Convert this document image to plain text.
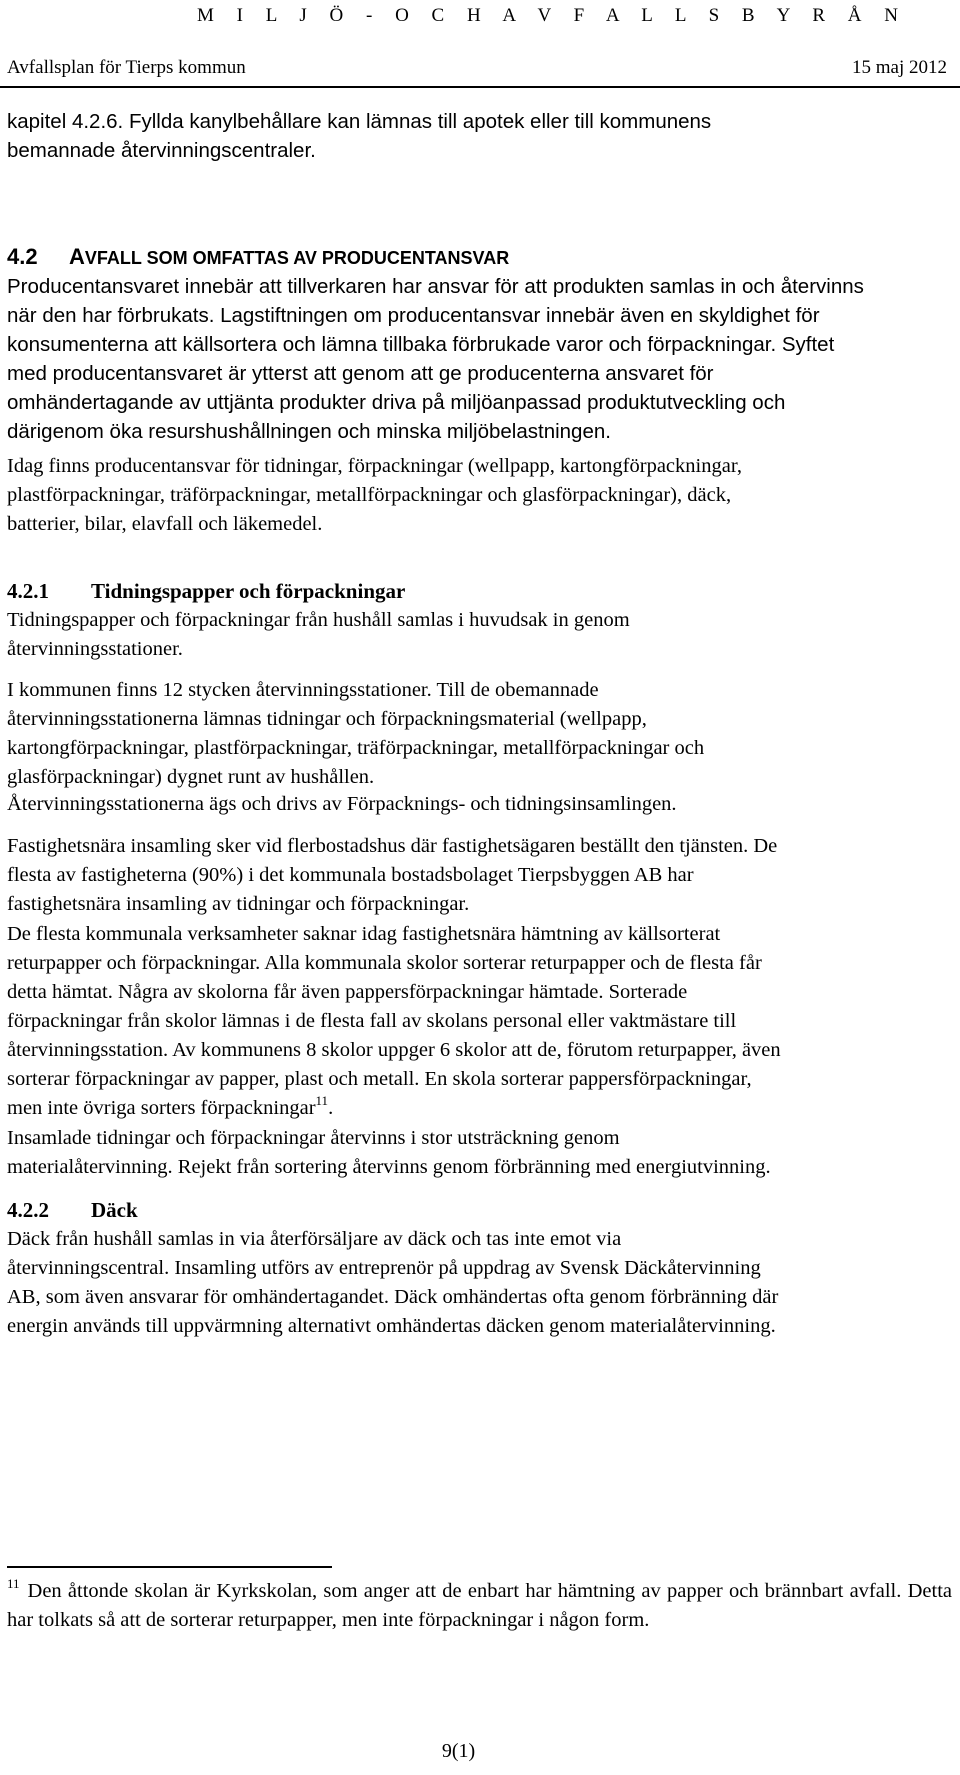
M I L J Ö - O C H A V F A L L S B Y R Å N
Avfallsplan för Tierps kommun	15 maj 2012
kapitel 4.2.6. Fyllda kanylbehållare kan lämnas till apotek eller till kommunens
bemannade återvinningscentraler.
4.2 AVFALL SOM OMFATTAS AV PRODUCENTANSVAR
Producentansvaret innebär att tillverkaren har ansvar för att produkten samlas in och återvinns
när den har förbrukats. Lagstiftningen om producentansvar innebär även en skyldighet för
konsumenterna att källsortera och lämna tillbaka förbrukade varor och förpackningar. Syftet
med producentansvaret är ytterst att genom att ge producenterna ansvaret för
omhändertagande av uttjänta produkter driva på miljöanpassad produktutveckling och
därigenom öka resurshushållningen och minska miljöbelastningen.
Idag finns producentansvar för tidningar, förpackningar (wellpapp, kartongförpackningar,
plastförpackningar, träförpackningar, metallförpackningar och glasförpackningar), däck,
batterier, bilar, elavfall och läkemedel.
4.2.1 Tidningspapper och förpackningar
Tidningspapper och förpackningar från hushåll samlas i huvudsak in genom
återvinningsstationer.
I kommunen finns 12 stycken återvinningsstationer. Till de obemannade
återvinningsstationerna lämnas tidningar och förpackningsmaterial (wellpapp,
kartongförpackningar, plastförpackningar, träförpackningar, metallförpackningar och
glasförpackningar) dygnet runt av hushållen.
Återvinningsstationerna ägs och drivs av Förpacknings- och tidningsinsamlingen.
Fastighetsnära insamling sker vid flerbostadshus där fastighetsägaren beställt den tjänsten. De
flesta av fastigheterna (90%) i det kommunala bostadsbolaget Tierpsbyggen AB har
fastighetsnära insamling av tidningar och förpackningar.
De flesta kommunala verksamheter saknar idag fastighetsnära hämtning av källsorterat
returpapper och förpackningar. Alla kommunala skolor sorterar returpapper och de flesta får
detta hämtat. Några av skolorna får även pappersförpackningar hämtade. Sorterade
förpackningar från skolor lämnas i de flesta fall av skolans personal eller vaktmästare till
återvinningsstation. Av kommunens 8 skolor uppger 6 skolor att de, förutom returpapper, även
sorterar förpackningar av papper, plast och metall. En skola sorterar pappersförpackningar,
men inte övriga sorters förpackningar$^{11}$.
Insamlade tidningar och förpackningar återvinns i stor utsträckning genom
materialåtervinning. Rejekt från sortering återvinns genom förbränning med energiutvinning.
4.2.2 Däck
Däck från hushåll samlas in via återförsäljare av däck och tas inte emot via
återvinningscentral. Insamling utförs av entreprenör på uppdrag av Svensk Däckåtervinning
AB, som även ansvarar för omhändertagandet. Däck omhändertas ofta genom förbränning där
energin används till uppvärmning alternativt omhändertas däcken genom materialåtervinning.
$^{11}$ Den åttonde skolan är Kyrkskolan, som anger att de enbart har hämtning av papper och brännbart avfall. Detta har tolkats så att de sorterar returpapper, men inte förpackningar i någon form.
9(1)
